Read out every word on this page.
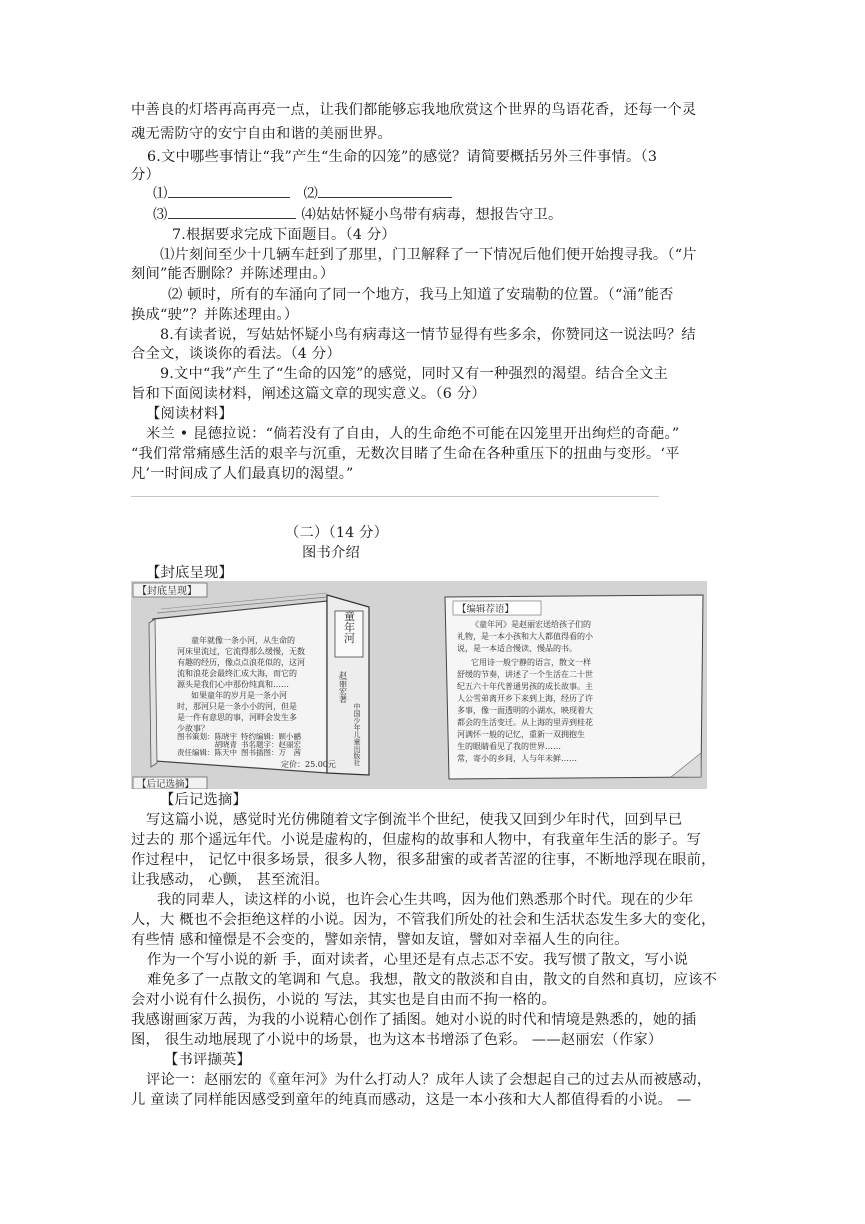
中善良的灯塔再高再亮一点，让我们都能够忘我地欣赏这个世界的鸟语花香，还每一个灵
魂无需防守的安宁自由和谐的美丽世界。
6.文中哪些事情让“我”产生“生命的囚笼”的感觉？请简要概括另外三件事情。（3
分）
⑴	⑵
⑶	⑷姑姑怀疑小鸟带有病毒，想报告守卫。
7.根据要求完成下面题目。（4 分）
⑴片刻间至少十几辆车赶到了那里，门卫解释了一下情况后他们便开始搜寻我。（“片
刻间”能否删除？并陈述理由。）
⑵ 顿时，所有的车涌向了同一个地方，我马上知道了安瑞勒的位置。（“涌”能否
换成“驶”？并陈述理由。）
8.有读者说，写姑姑怀疑小鸟有病毒这一情节显得有些多余，你赞同这一说法吗？结
合全文，谈谈你的看法。（4 分）
9.文中“我”产生了“生命的囚笼”的感觉，同时又有一种强烈的渴望。结合全文主
旨和下面阅读材料，阐述这篇文章的现实意义。（6 分）
【阅读材料】
米兰 • 昆德拉说：“倘若没有了自由，人的生命绝不可能在囚笼里开出绚烂的奇葩。”
“我们常常痛感生活的艰辛与沉重，无数次目睹了生命在各种重压下的扭曲与变形。‘平
凡’一时间成了人们最真切的渴望。”
（二）（14 分）
图书介绍
【封底呈现】
【封底呈现】
童年河
赵丽宏著
中国少年儿童出版社
童年就像一条小河，从生命的
河床里流过，它流得那么缓慢，无数
有趣的经历，像点点浪花似的，这河
流和浪花会最终汇成大海，而它的
源头是我们心中那份纯真和……
如果童年的岁月是一条小河
时，那河只是一条小小的河，但是
是一件有意思的事，河畔会发生多
少故事？
图书策划：陈晓宇
　　　　　胡晓青
责任编辑：陈天中
特约编辑：顾小鹂
书名题字：赵丽宏
图书插图：万　茜
定价：25.00元
【编辑荐语】
《童年河》是赵丽宏送给孩子们的
礼物，是一本小孩和大人都值得看的小
说，是一本适合慢读、慢品的书。
它用诗一般宁静的语言，散文一样
舒缓的节奏，讲述了一个生活在二十世
纪五六十年代普通男孩的成长故事。主
人公雪弟离开乡下来到上海，经历了许
多事，像一面透明的小湖水，映现着大
都会的生活变迁。从上海的里弄到桂花
河满怀一般的记忆，重新一双拥抱生
生的眼睛看见了我的世界……
常，寄小的乡间，人与年未鲜……
【后记选摘】
【后记选摘】
写这篇小说，感觉时光仿佛随着文字倒流半个世纪，使我又回到少年时代，回到早已
过去的 那个遥远年代。小说是虚构的，但虚构的故事和人物中，有我童年生活的影子。写
作过程中， 记忆中很多场景，很多人物，很多甜蜜的或者苦涩的往事，不断地浮现在眼前，
让我感动， 心颤， 甚至流泪。
我的同辈人，读这样的小说，也许会心生共鸣，因为他们熟悉那个时代。现在的少年
人，大 概也不会拒绝这样的小说。因为，不管我们所处的社会和生活状态发生多大的变化，
有些情 感和憧憬是不会变的，譬如亲情，譬如友谊，譬如对幸福人生的向往。
作为一个写小说的新 手，面对读者，心里还是有点忐忑不安。我写惯了散文，写小说
难免多了一点散文的笔调和 气息。我想，散文的散淡和自由，散文的自然和真切，应该不
会对小说有什么损伤，小说的 写法，其实也是自由而不拘一格的。
我感谢画家万茜，为我的小说精心创作了插图。她对小说的时代和情境是熟悉的，她的插
图， 很生动地展现了小说中的场景，也为这本书增添了色彩。 ——赵丽宏（作家）
【书评撷英】
评论一：赵丽宏的《童年河》为什么打动人？成年人读了会想起自己的过去从而被感动，
儿 童读了同样能因感受到童年的纯真而感动，这是一本小孩和大人都值得看的小说。 —
